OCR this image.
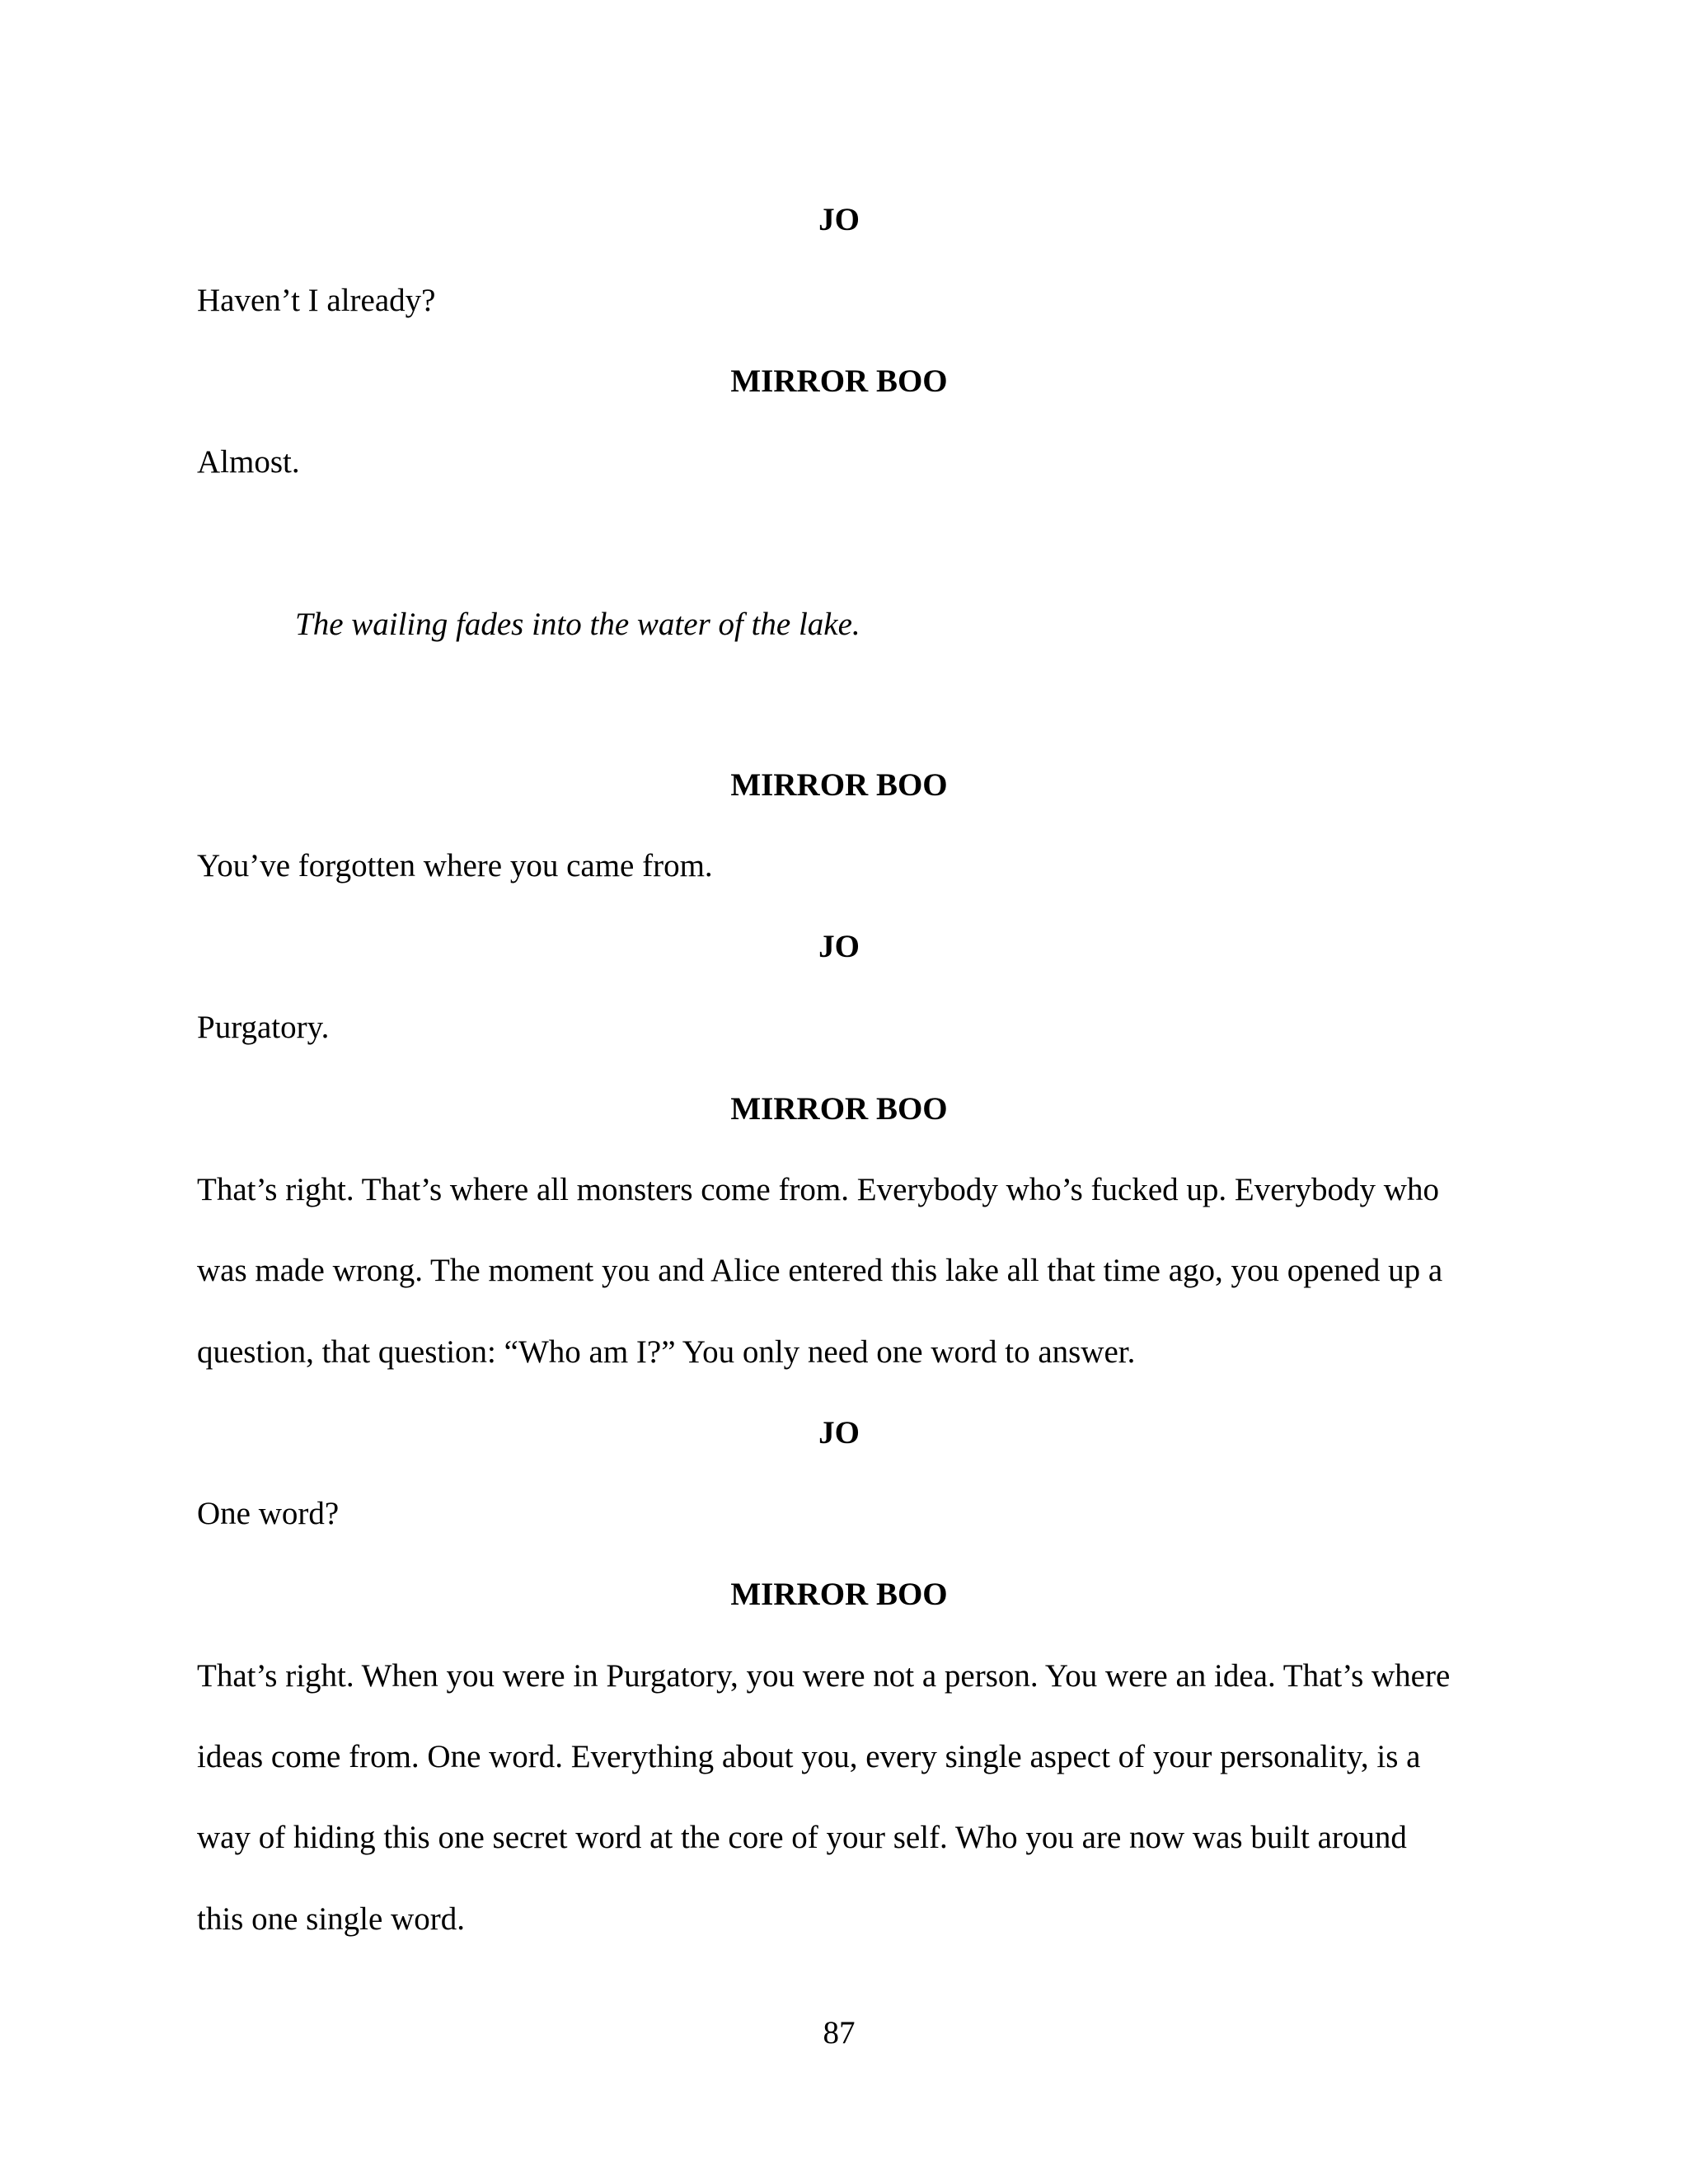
JO
Haven’t I already?
MIRROR BOO
Almost.
The wailing fades into the water of the lake.
MIRROR BOO
You’ve forgotten where you came from.
JO
Purgatory.
MIRROR BOO
That’s right. That’s where all monsters come from. Everybody who’s fucked up. Everybody who
was made wrong. The moment you and Alice entered this lake all that time ago, you opened up a
question, that question: “Who am I?” You only need one word to answer.
JO
One word?
MIRROR BOO
That’s right. When you were in Purgatory, you were not a person. You were an idea. That’s where
ideas come from. One word. Everything about you, every single aspect of your personality, is a
way of hiding this one secret word at the core of your self. Who you are now was built around
this one single word.
87
